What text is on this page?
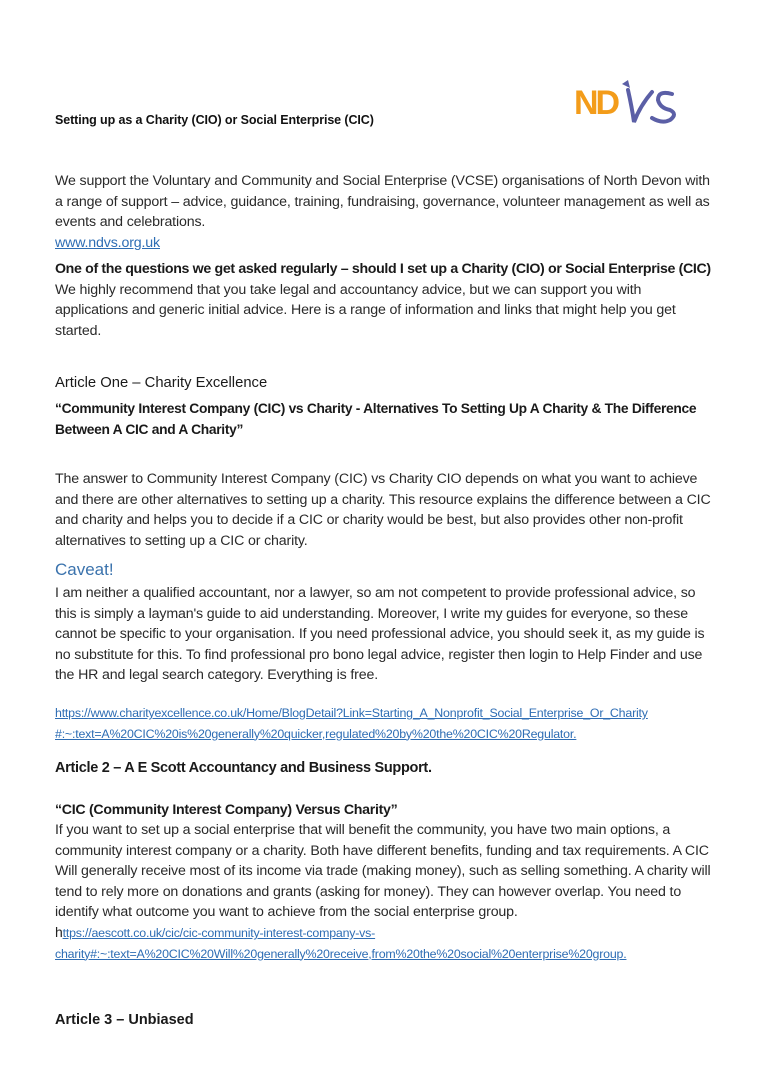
ND
Setting up as a Charity (CIO) or Social Enterprise (CIC)

We support the Voluntary and Community and Social Enterprise (VCSE) organisations of North Devon with a range of support – advice, guidance, training, fundraising, governance, volunteer management as well as events and celebrations.

www.ndvs.org.uk

One of the questions we get asked regularly – should I set up a Charity (CIO) or Social Enterprise (CIC)

We highly recommend that you take legal and accountancy advice, but we can support you with applications and generic initial advice. Here is a range of information and links that might help you get started.

Article One – Charity Excellence
“Community Interest Company (CIC) vs Charity - Alternatives To Setting Up A Charity & The Difference Between A CIC and A Charity”
The answer to Community Interest Company (CIC) vs Charity CIO depends on what you want to achieve and there are other alternatives to setting up a charity. This resource explains the difference between a CIC and charity and helps you to decide if a CIC or charity would be best, but also provides other non-profit alternatives to setting up a CIC or charity.
Caveat!
I am neither a qualified accountant, nor a lawyer, so am not competent to provide professional advice, so this is simply a layman's guide to aid understanding. Moreover, I write my guides for everyone, so these cannot be specific to your organisation. If you need professional advice, you should seek it, as my guide is no substitute for this. To find professional pro bono legal advice, register then login to Help Finder and use the HR and legal search category. Everything is free.
https://www.charityexcellence.co.uk/Home/BlogDetail?Link=Starting_A_Nonprofit_Social_Enterprise_Or_Charity
#:~:text=A%20CIC%20is%20generally%20quicker,regulated%20by%20the%20CIC%20Regulator.
Article 2 – A E Scott Accountancy and Business Support.
“CIC (Community Interest Company) Versus Charity”
If you want to set up a social enterprise that will benefit the community, you have two main options, a community interest company or a charity. Both have different benefits, funding and tax requirements. A CIC Will generally receive most of its income via trade (making money), such as selling something. A charity will tend to rely more on donations and grants (asking for money). They can however overlap. You need to identify what outcome you want to achieve from the social enterprise group.
https://aescott.co.uk/cic/cic-community-interest-company-vs-
charity#:~:text=A%20CIC%20Will%20generally%20receive,from%20the%20social%20enterprise%20group.
Article 3 – Unbiased
